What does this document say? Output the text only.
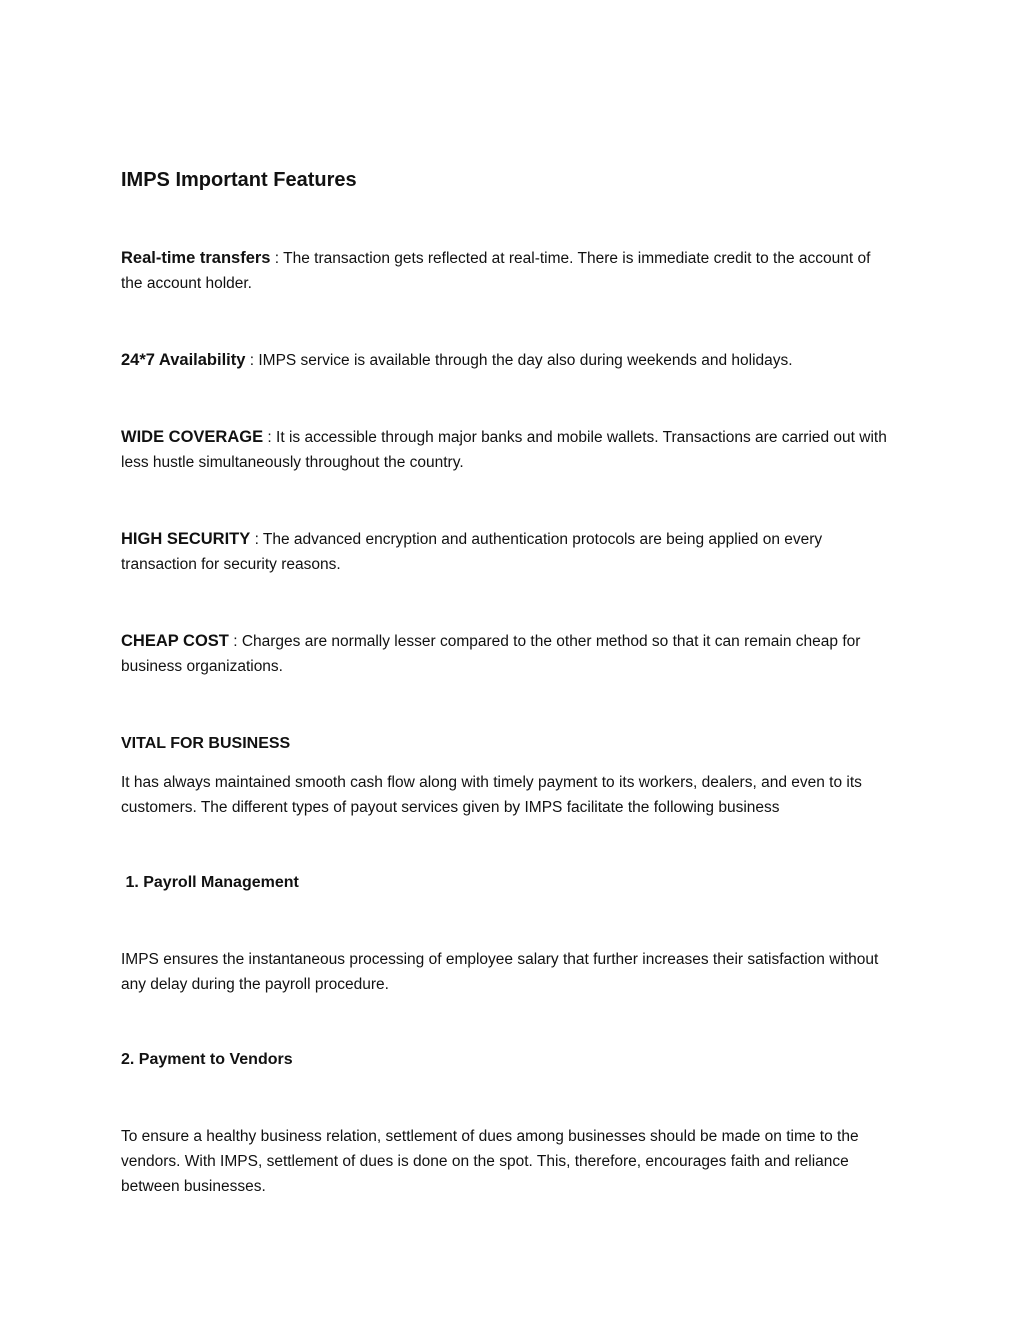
IMPS Important Features
Real-time transfers : The transaction gets reflected at real-time. There is immediate credit to the account of the account holder.
24*7 Availability : IMPS service is available through the day also during weekends and holidays.
WIDE COVERAGE : It is accessible through major banks and mobile wallets. Transactions are carried out with less hustle simultaneously throughout the country.
HIGH SECURITY : The advanced encryption and authentication protocols are being applied on every transaction for security reasons.
CHEAP COST : Charges are normally lesser compared to the other method so that it can remain cheap for business organizations.
VITAL FOR BUSINESS
It has always maintained smooth cash flow along with timely payment to its workers, dealers, and even to its customers. The different types of payout services given by IMPS facilitate the following business
1. Payroll Management
IMPS ensures the instantaneous processing of employee salary that further increases their satisfaction without any delay during the payroll procedure.
2. Payment to Vendors
To ensure a healthy business relation, settlement of dues among businesses should be made on time to the vendors. With IMPS, settlement of dues is done on the spot. This, therefore, encourages faith and reliance between businesses.
